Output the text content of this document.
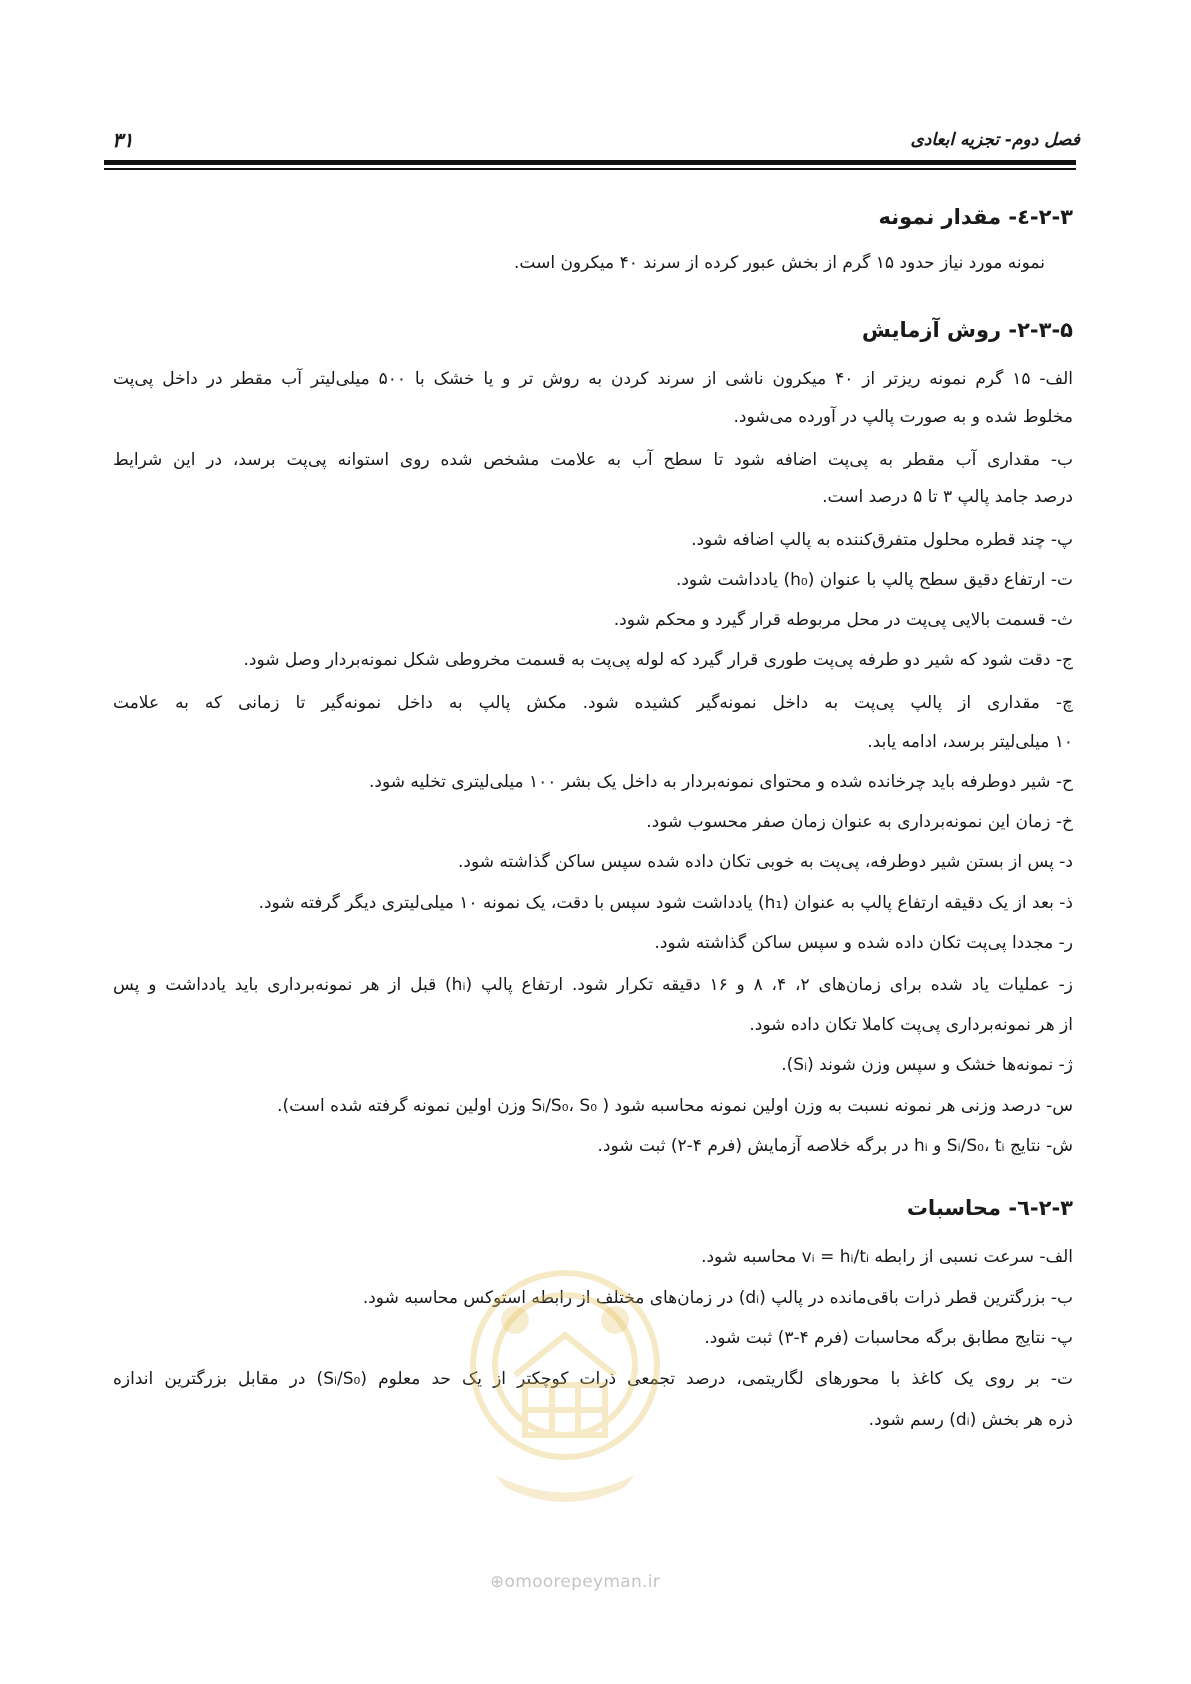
فصل دوم- تجزیه ابعادی
۳۱
۲-۳-٤- مقدار نمونه
نمونه مورد نیاز حدود ۱۵ گرم از بخش عبور کرده از سرند ۴۰ میکرون است.
۲-۳-۵- روش آزمایش
الف- ۱۵ گرم نمونه ریزتر از ۴۰ میکرون ناشی از سرند کردن به روش تر و یا خشک با ۵۰۰ میلی‌لیتر آب مقطر در داخل پی‌پت
مخلوط شده و به صورت پالپ در آورده می‌شود.
ب- مقداری آب مقطر به پی‌پت اضافه شود تا سطح آب به علامت مشخص شده روی استوانه پی‌پت برسد، در این شرایط
درصد جامد پالپ ۳ تا ۵ درصد است.
پ- چند قطره محلول متفرق‌کننده به پالپ اضافه شود.
ت- ارتفاع دقیق سطح پالپ با عنوان (h₀) یادداشت شود.
ث- قسمت بالایی پی‌پت در محل مربوطه قرار گیرد و محکم شود.
ج- دقت شود که شیر دو طرفه پی‌پت طوری قرار گیرد که لوله پی‌پت به قسمت مخروطی شکل نمونه‌بردار وصل شود.
چ- مقداری از پالپ پی‌پت به داخل نمونه‌گیر کشیده شود. مکش پالپ به داخل نمونه‌گیر تا زمانی که به علامت
۱۰ میلی‌لیتر برسد، ادامه یابد.
ح- شیر دوطرفه باید چرخانده شده و محتوای نمونه‌بردار به داخل یک بشر ۱۰۰ میلی‌لیتری تخلیه شود.
خ- زمان این نمونه‌برداری به عنوان زمان صفر محسوب شود.
د- پس از بستن شیر دوطرفه، پی‌پت به خوبی تکان داده شده سپس ساکن گذاشته شود.
ذ- بعد از یک دقیقه ارتفاع پالپ به عنوان (h₁) یادداشت شود سپس با دقت، یک نمونه ۱۰ میلی‌لیتری دیگر گرفته شود.
ر- مجددا پی‌پت تکان داده شده و سپس ساکن گذاشته شود.
ز- عملیات یاد شده برای زمان‌های ۲، ۴، ۸ و ۱۶ دقیقه تکرار شود. ارتفاع پالپ (hᵢ) قبل از هر نمونه‌برداری باید یادداشت و پس
از هر نمونه‌برداری پی‌پت کاملا تکان داده شود.
ژ- نمونه‌ها خشک و سپس وزن شوند (Sᵢ).
س- درصد وزنی هر نمونه نسبت به وزن اولین نمونه محاسبه شود ( Sᵢ/S₀، S₀ وزن اولین نمونه گرفته شده است).
ش- نتایج Sᵢ/S₀، tᵢ و hᵢ در برگه خلاصه آزمایش (فرم ۴-۲) ثبت شود.
۲-۳-٦- محاسبات
الف- سرعت نسبی از رابطه vᵢ = hᵢ/tᵢ محاسبه شود.
ب- بزرگترین قطر ذرات باقی‌مانده در پالپ (dᵢ) در زمان‌های مختلف از رابطه استوکس محاسبه شود.
پ- نتایج مطابق برگه محاسبات (فرم ۴-۳) ثبت شود.
ت- بر روی یک کاغذ با محورهای لگاریتمی، درصد تجمعی ذرات کوچکتر از یک حد معلوم (Sᵢ/S₀) در مقابل بزرگترین اندازه
ذره هر بخش (dᵢ) رسم شود.
⊕omoorepeyman.ir
